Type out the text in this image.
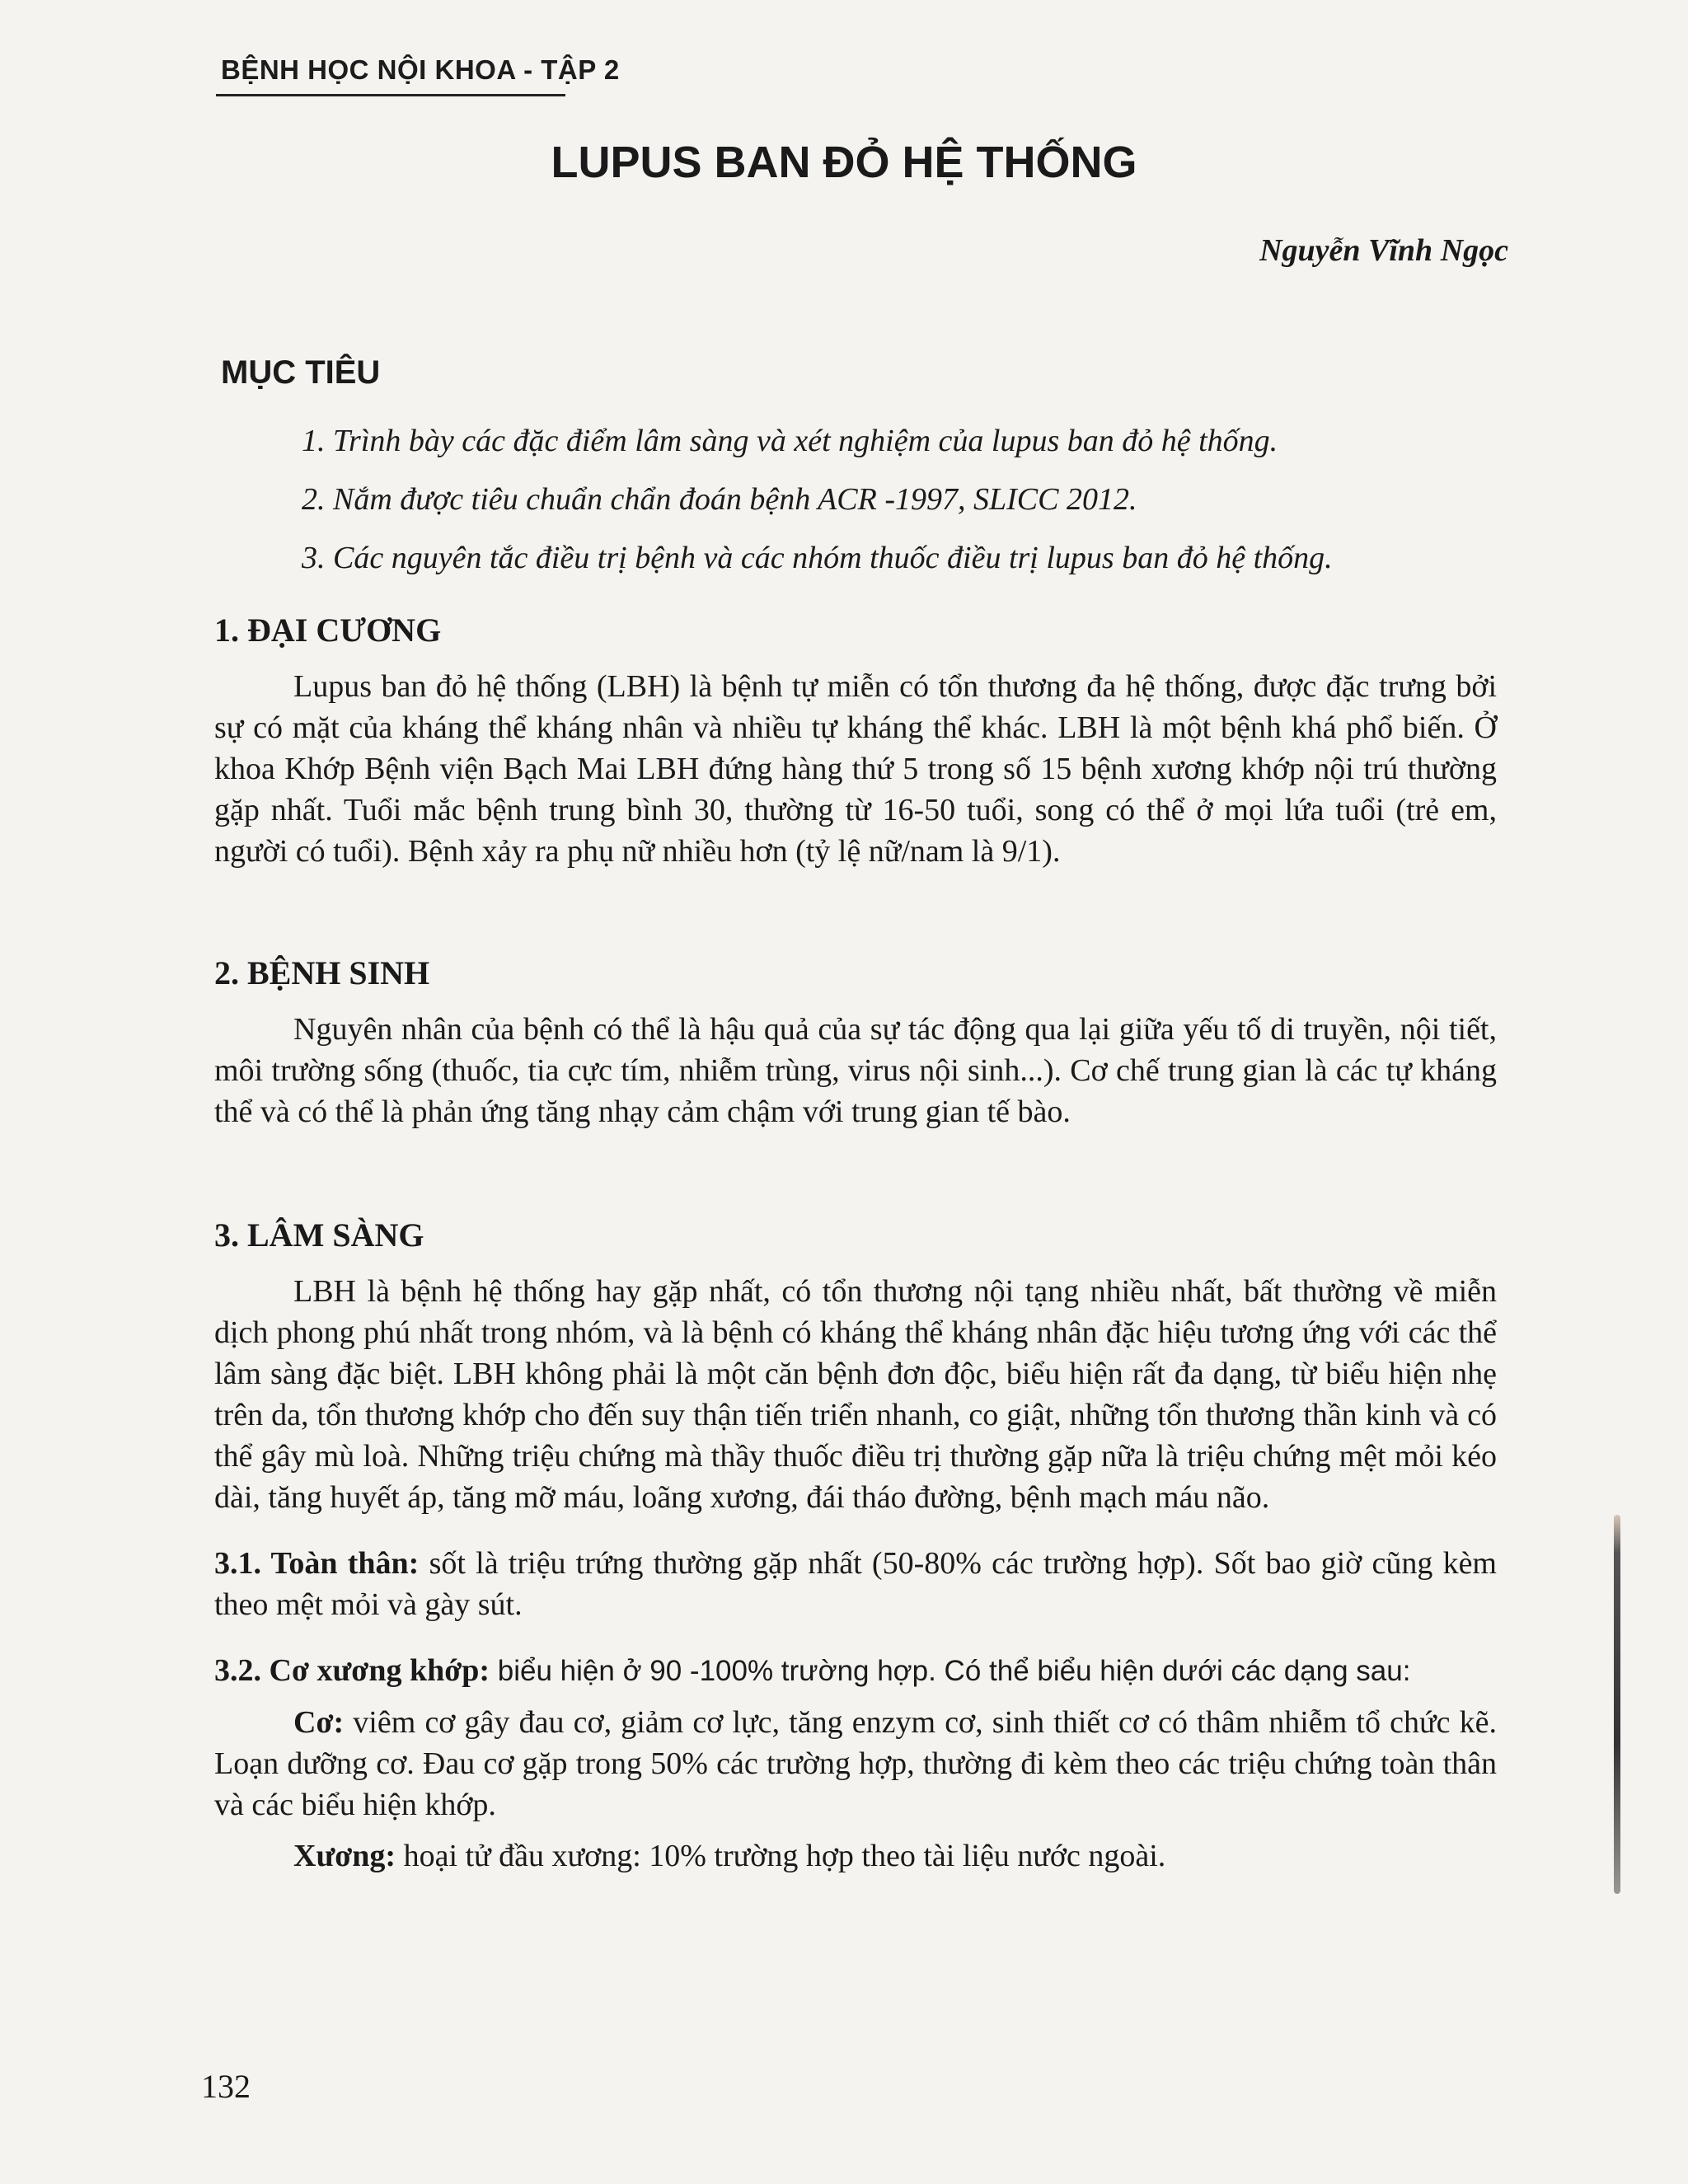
BỆNH HỌC NỘI KHOA - TẬP 2
LUPUS BAN ĐỎ HỆ THỐNG
Nguyễn Vĩnh Ngọc
MỤC TIÊU
1. Trình bày các đặc điểm lâm sàng và xét nghiệm của lupus ban đỏ hệ thống.
2. Nắm được tiêu chuẩn chẩn đoán bệnh ACR -1997, SLICC 2012.
3. Các nguyên tắc điều trị bệnh và các nhóm thuốc điều trị lupus ban đỏ hệ thống.
1. ĐẠI CƯƠNG

Lupus ban đỏ hệ thống (LBH) là bệnh tự miễn có tổn thương đa hệ thống, được đặc trưng bởi sự có mặt của kháng thể kháng nhân và nhiều tự kháng thể khác. LBH là một bệnh khá phổ biến. Ở khoa Khớp Bệnh viện Bạch Mai LBH đứng hàng thứ 5 trong số 15 bệnh xương khớp nội trú thường gặp nhất. Tuổi mắc bệnh trung bình 30, thường từ 16-50 tuổi, song có thể ở mọi lứa tuổi (trẻ em, người có tuổi). Bệnh xảy ra phụ nữ nhiều hơn (tỷ lệ nữ/nam là 9/1).

2. BỆNH SINH

Nguyên nhân của bệnh có thể là hậu quả của sự tác động qua lại giữa yếu tố di truyền, nội tiết, môi trường sống (thuốc, tia cực tím, nhiễm trùng, virus nội sinh...). Cơ chế trung gian là các tự kháng thể và có thể là phản ứng tăng nhạy cảm chậm với trung gian tế bào.

3. LÂM SÀNG

LBH là bệnh hệ thống hay gặp nhất, có tổn thương nội tạng nhiều nhất, bất thường về miễn dịch phong phú nhất trong nhóm, và là bệnh có kháng thể kháng nhân đặc hiệu tương ứng với các thể lâm sàng đặc biệt. LBH không phải là một căn bệnh đơn độc, biểu hiện rất đa dạng, từ biểu hiện nhẹ trên da, tổn thương khớp cho đến suy thận tiến triển nhanh, co giật, những tổn thương thần kinh và có thể gây mù loà. Những triệu chứng mà thầy thuốc điều trị thường gặp nữa là triệu chứng mệt mỏi kéo dài, tăng huyết áp, tăng mỡ máu, loãng xương, đái tháo đường, bệnh mạch máu não.

3.1. Toàn thân: sốt là triệu trứng thường gặp nhất (50-80% các trường hợp). Sốt bao giờ cũng kèm theo mệt mỏi và gày sút.

3.2. Cơ xương khớp: biểu hiện ở 90 -100% trường hợp. Có thể biểu hiện dưới các dạng sau:

Cơ: viêm cơ gây đau cơ, giảm cơ lực, tăng enzym cơ, sinh thiết cơ có thâm nhiễm tổ chức kẽ. Loạn dưỡng cơ. Đau cơ gặp trong 50% các trường hợp, thường đi kèm theo các triệu chứng toàn thân và các biểu hiện khớp.

Xương: hoại tử đầu xương: 10% trường hợp theo tài liệu nước ngoài.

132
